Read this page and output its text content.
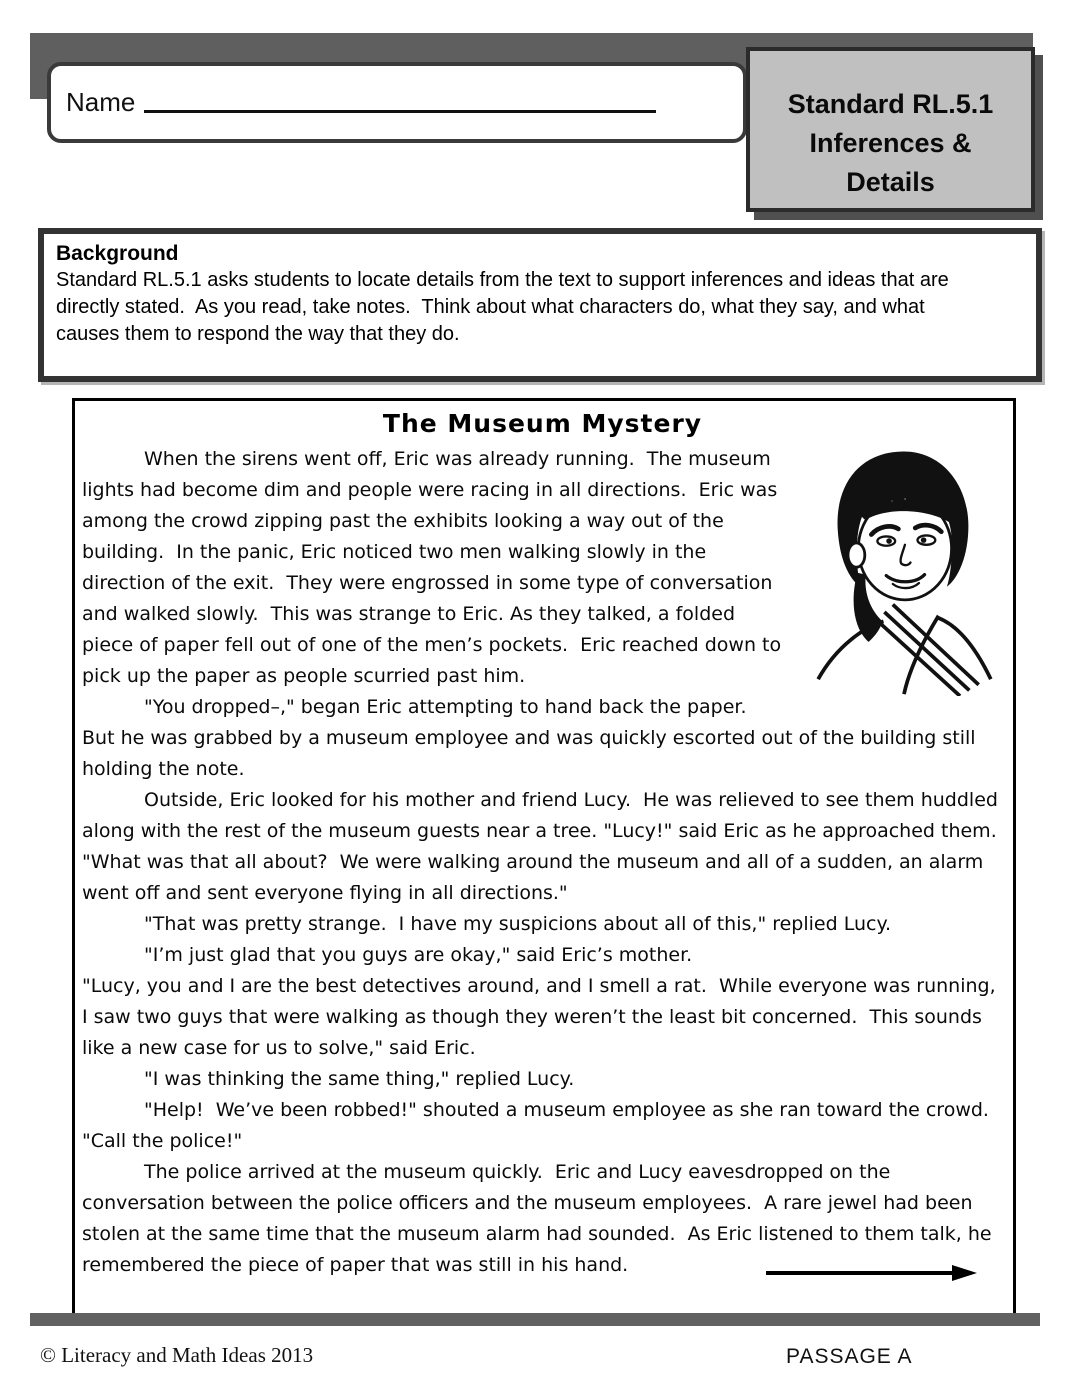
Name	Standard RL.5.1
Inferences &
Details
Background
Standard RL.5.1 asks students to locate details from the text to support inferences and ideas that are directly stated.  As you read, take notes.  Think about what characters do, what they say, and what causes them to respond the way that they do.
The Museum Mystery

When the sirens went off, Eric was already running.  The museum lights had become dim and people were racing in all directions.  Eric was among the crowd zipping past the exhibits looking a way out of the building.  In the panic, Eric noticed two men walking slowly in the direction of the exit.  They were engrossed in some type of conversation and walked slowly.  This was strange to Eric. As they talked, a folded piece of paper fell out of one of the men’s pockets.  Eric reached down to pick up the paper as people scurried past him.

"You dropped–," began Eric attempting to hand back the paper.  But he was grabbed by a museum employee and was quickly escorted out of the building still holding the note.

Outside, Eric looked for his mother and friend Lucy.  He was relieved to see them huddled along with the rest of the museum guests near a tree. "Lucy!" said Eric as he approached them.  "What was that all about?  We were walking around the museum and all of a sudden, an alarm went off and sent everyone flying in all directions."

"That was pretty strange.  I have my suspicions about all of this," replied Lucy.

"I’m just glad that you guys are okay," said Eric’s mother.

"Lucy, you and I are the best detectives around, and I smell a rat.  While everyone was running, I saw two guys that were walking as though they weren’t the least bit concerned.  This sounds like a new case for us to solve," said Eric.

"I was thinking the same thing," replied Lucy.

"Help!  We’ve been robbed!" shouted a museum employee as she ran toward the crowd. "Call the police!"

The police arrived at the museum quickly.  Eric and Lucy eavesdropped on the conversation between the police officers and the museum employees.  A rare jewel had been stolen at the same time that the museum alarm had sounded.  As Eric listened to them talk, he remembered the piece of paper that was still in his hand.

© Literacy and Math Ideas 2013	PASSAGE A
